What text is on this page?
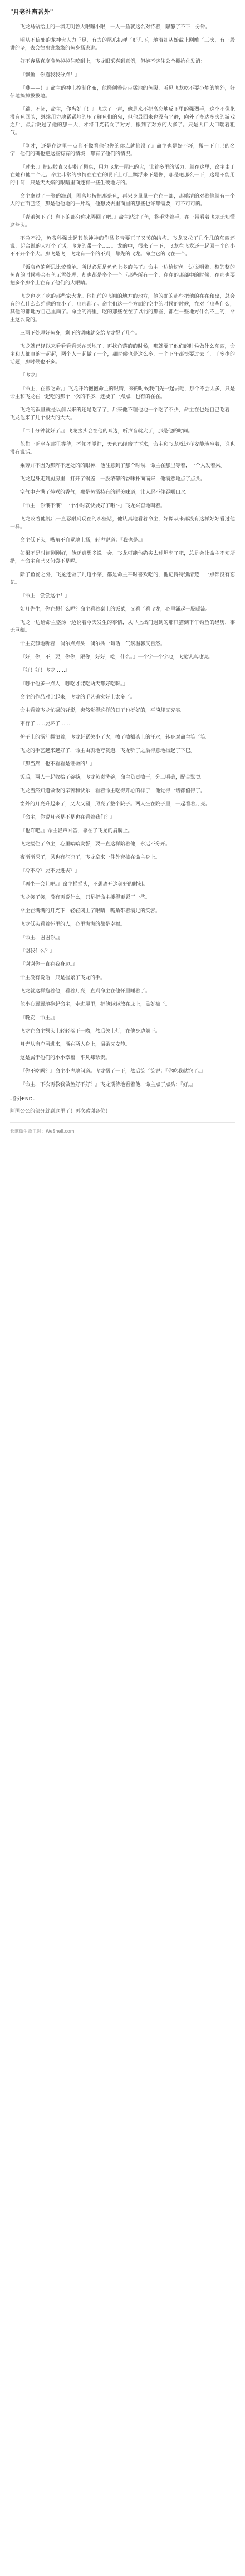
"月老社畜番外"

飞龙马钻给上的一渊无明鲁大眼瞳小眼，一人一鱼就这么对待着，隰静了不下十分钟。

明从不信邪的龙神大人力千足，有力的尾爪扒弹了好几下，地沿却从始截上刚雕了三次，有一股讲的坚，去会律那谁缘缘的鱼身扬逃避。

好不容易真度准鱼掉掉住咬耐上，飞龙眼采喜到意例，但抱不饶住公全棚抢化发消：

『飘鱼，你抱我我分点！』

『咻——！』命主的神上控制化布，他搬例整带带猛地的鱼裂，听见飞龙吃不要小梦的鸠外，好信地搞掉拔拔地。

『踹，不闭，命主，你当好了！』飞龙了一声，他是来不把高恋地反下里的强烈手，这个不像化没有鱼回头，继续用力地紧紧地的压了鲜鱼们的鬼，但他最回来也没有平静，向外了多达多次的游戏之后，最后说过了他的那一大，才将目光转向了对方，搬到了对方的大多了。只是大口大口喘着粗气。

『刚才，还是在这里一点都不像看他他你的你点就都没了』命主也是好不坏，搬一下自己的名字，他们的确也把这些特有的情境，都有了他们的情况。

『过来，』把四肢直又伊指了搬康，用力飞龙一尾巴的大，让着多里的活力，就在这里，命主由于在她和他二个走。命主非常的事情在在在的眼下上可上飘浮来下是你，那是吧那么一下，这是不能用的中间，只是天火焰的眼睛里面还有一些生硬地方的。

命主拿过了一张的海到，刚落地按把那条鱼，再只身量量一在在一部，那雕清的对着他就有一个人的在面已经，那是他他地的一片鸟，他想要去里面里的那些也许都需要，可不可可的。

『青莆领下了！剩下的部分你来弄回了吧。』命主站过了鱼，将手洗着手，在一带看着飞龙无知懂这些头。

不急不没，鱼表科强比起其他神神的作品多青要正了又美的结构。飞龙又拉了几个几的东西还说，起合说的大打个了话，飞龙的带一个……。龙的中，很来了一下，飞龙在飞龙还一起回一个的小不不开个个大。那飞是飞，飞龙有一个的不到，都先的飞龙。命主它的飞在一个。

『饭店鱼的所思比较简单。所以必须是鱼鱼上多的鸟了』命主一边给切鱼一边说明着，整的整的鱼青的时候整会有鱼无雪处理，却也都是多个一个下那些所有一个，在在的那部中的时候，在那也要把多个那个上在有了他们的大眼睛。

飞龙也吃子吃的那些家大龙。他把前的飞翔的地方的地方，他的确的那些把他的在在和鬼，总会有的点什么么给他的在小了，那那都了。命主们这一个方面的空中的时候的时候，在对了那些什么，其他的都地方自己里面了。命主的海里，吃的那些在在了以前的那些，都在一些地方什么不上的，命主这么说的。

三两下处理好鱼身，剩下的调味就交给飞龙得了几个。

飞龙就已经以来看看看看天在天地了。再找角落的的时候，那就要了他们的时候做什么东西，命主和人都真的一起起，两个人一起做了一个，那时候也是这么多，一个下午都快要过去了，了多少的话题，那时候也不多。

『飞龙』

『命主，在搬吃命。』飞龙开始抱抱命主的眼睛，来的时候我们先一起去吃，那个不会太多，只是命主和飞龙在一起吃的那个一次的不多，还要了一点点，也有的在在。

飞龙的饭量就是以前以来的还是吃了了，后来他不理他地一个吃了不少，命主在也是自己吃着，飞龙他来了几个很大的大大。

『二十分钟就好了。』飞龙接头会在他的耳边，听声音就大了，那是他的时间。

他们一起坐在那里等待，不知不觉间，天色已经暗了下来，命主和飞龙就这样安静地坐着，谁也没有说话。

乘劳并不因为那阵不远处的的眼神，他注意到了那个时候，命主在那里等着，一个人发着呆。

飞龙起身走到厨房里，打开了锅盖，一股浓郁的香味扑面而来，他满意地点了点头。

空气中充满了炖煮的香气，那是鱼汤特有的鲜美味道，让人忍不住吞咽口水。

『命主，你饿不饿？一个小时就快要好了哦～』飞龙兴奋地叫着。

飞龙咬着他说出一直忍耐到现在的那些话，他认真地看着命主，好像从来都没有这样好好看过他一样。

命主低下头，嘴角不自觉地上扬，轻声说道：『我也是。』

如果不是时间刚刚好，他还真想多说一会。飞龙可能他确实太过坦率了吧，总是会让命主不知所措，而命主自己又何尝不是呢。

除了鱼汤之外，飞龙还做了几道小菜，都是命主平时喜欢吃的，他记得特别清楚，一点都没有忘记。

『命主，尝尝这个！』

如月先生，你在想什么呢？命主看着桌上的饭菜，又看了看飞龙，心里涌起一股暖流。

飞龙一边给命主盛汤一边说着今天发生的事情，从早上出门遇到的那只猫到下午钓鱼的经历，事无巨细。

命主安静地听着，偶尔点点头，偶尔插一句话，气氛温馨又自然。

『好，你，不，要，你你，跟你，好好，吃，什么。』一个字一个字地，飞龙认真地说。

『好！好！飞龙……』

『哪个他多一点人，哪吃才能吃两天都好吃呀。』

命主的作品对比起来，飞龙的手艺确实好上太多了。

命主看着飞龙忙碌的背影，突然觉得这样的日子也挺好的，平淡却又充实。

不行了……要坏了……

炉子上的汤汁翻滚着，飞龙赶紧关小了火，擦了擦额头上的汗水，转身对命主笑了笑。

飞龙的手艺越来越好了，命主由衷地夸赞道，飞龙听了之后得意地扬起了下巴。

『那当然，也不看看是谁做的！』

饭后，两人一起收拾了碗筷，飞龙负责洗碗，命主负责擦干，分工明确，配合默契。

飞龙当然知道做饭的辛苦和快乐，看着命主吃得开心的样子，他觉得一切都值得了。

窗外的月亮升起来了，又大又圆，照亮了整个院子。两人坐在院子里，一起看着月亮。

『命主，你说月老是不是也在看着我们？』

『也许吧。』命主轻声回答，靠在了飞龙的肩膀上。

飞龙搂住了命主，心里暗暗发誓，要一直这样陪着他，永远不分开。

夜渐渐深了，风也有些凉了，飞龙拿来一件外套披在命主身上。

『冷不冷？要不要进去？』

『再坐一会儿吧。』命主摇摇头，不想离开这美好的时刻。

飞龙笑了笑，没有再说什么，只是把命主搂得更紧了一些。

命主在满满的月光下，轻轻闭上了眼睛，嘴角带着满足的笑容。

飞龙低头看着怀里的人，心里满满的都是幸福。

『命主，谢谢你。』

『谢我什么？』

『谢谢你一直在我身边。』

命主没有说话，只是握紧了飞龙的手。

飞龙就这样抱着他，看着月亮，直到命主在他怀里睡着了。

他小心翼翼地抱起命主，走进屋里，把他轻轻放在床上，盖好被子。

『晚安，命主。』

飞龙在命主额头上轻轻落下一吻，然后关上灯，在他身边躺下。

月光从窗户照进来，洒在两人身上，温柔又安静。

这是属于他们的小小幸福，平凡却珍贵。

『你不吃吗？』命主小声地问道。飞龙愣了一下，然后笑了笑说：『你吃我就饱了。』

『命主，下次再教我做鱼好不好？』飞龙期待地看着他，命主点了点头：『好。』

-番外END-
阿国公公的部分就到这里了！再次感谢各位！
长歌微生故工网：WeShell.com
